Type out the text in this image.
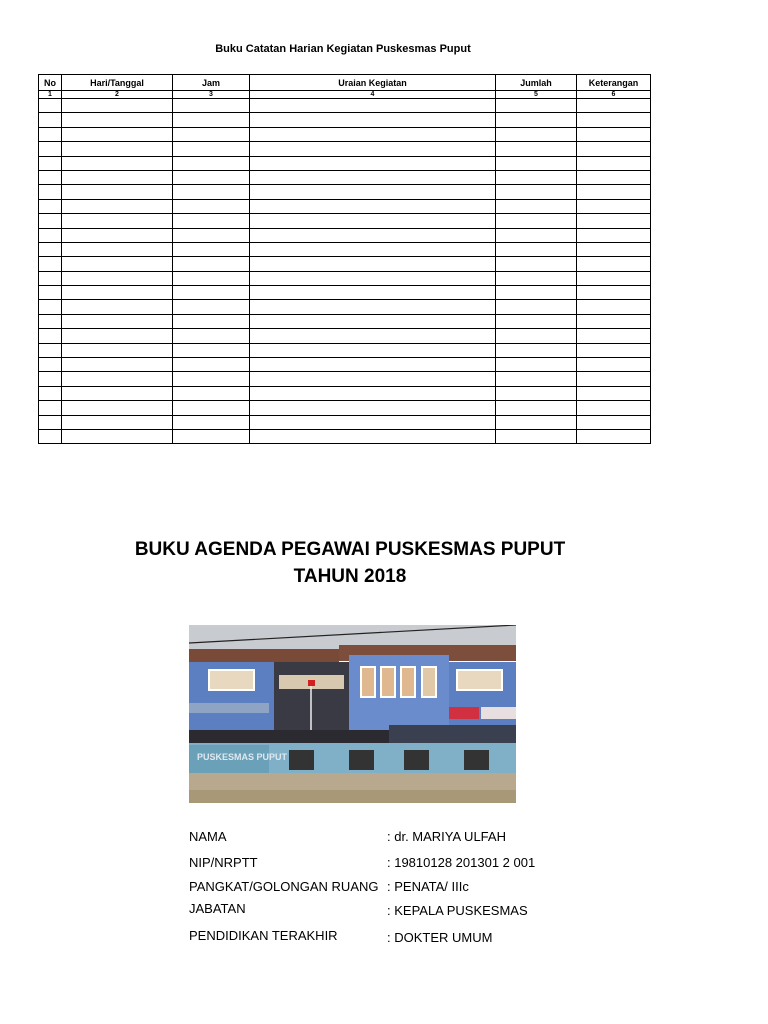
Buku Catatan Harian Kegiatan Puskesmas Puput
No	Hari/Tanggal	Jam	Uraian Kegiatan	Jumlah	Keterangan
1	2	3	4	5	6

BUKU AGENDA PEGAWAI PUSKESMAS PUPUT
TAHUN 2018
PUSKESMAS PUPUT
NAMA	: dr. MARIYA ULFAH
NIP/NRPTT	: 19810128 201301 2 001
PANGKAT/GOLONGAN RUANG : PENATA/ IIIc
JABATAN	: KEPALA PUSKESMAS
PENDIDIKAN TERAKHIR	: DOKTER UMUM
